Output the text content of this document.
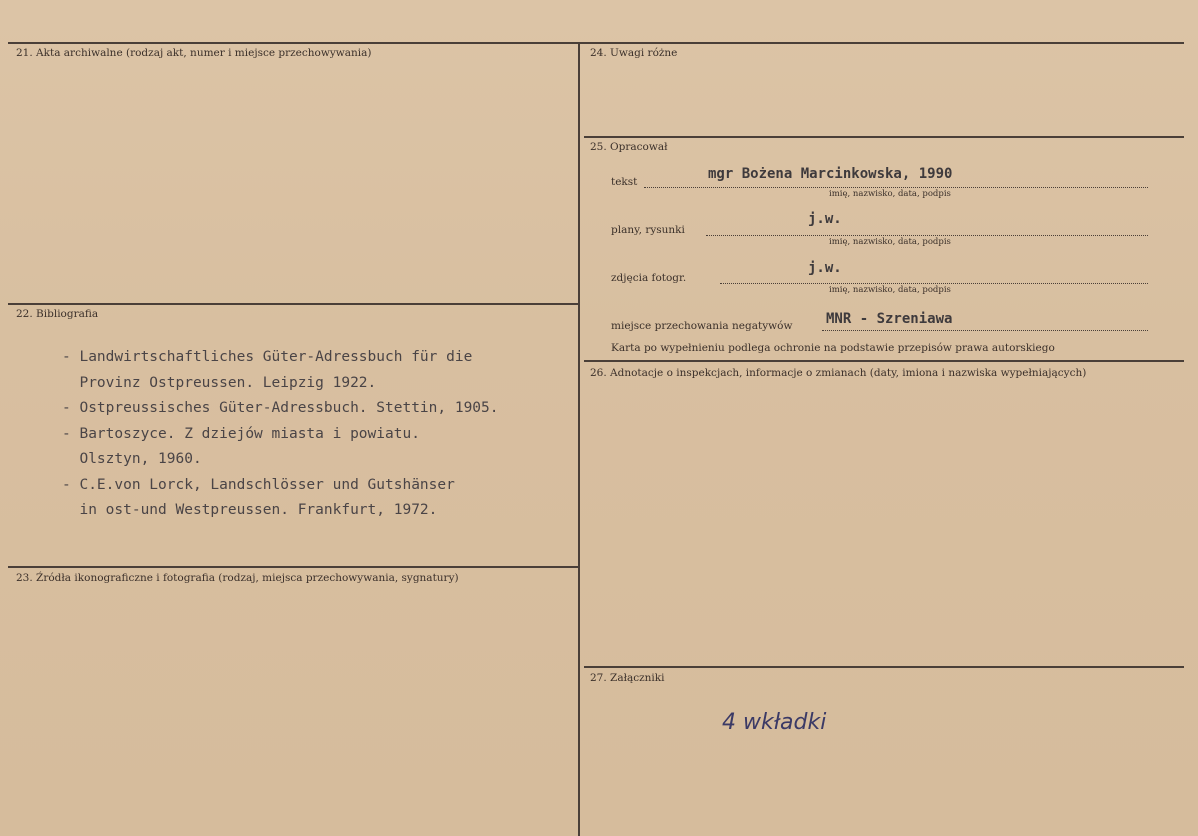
21. Akta archiwalne (rodzaj akt, numer i miejsce przechowywania)
22. Bibliografia
- Landwirtschaftliches Güter-Adressbuch für die
Provinz Ostpreussen. Leipzig 1922.
- Ostpreussisches Güter-Adressbuch. Stettin, 1905.
- Bartoszyce. Z dziejów miasta i powiatu.
Olsztyn, 1960.
- C.E.von Lorck, Landschlösser und Gutshänser
in ost-und Westpreussen. Frankfurt, 1972.
23. Źródła ikonograficzne i fotografia (rodzaj, miejsca przechowywania, sygnatury)
24. Uwagi różne
25. Opracował
tekst	mgr Bożena Marcinkowska, 1990
imię, nazwisko, data, podpis
plany, rysunki
j.w.
imię, nazwisko, data, podpis
zdjęcia fotogr.
j.w.
imię, nazwisko, data, podpis
miejsce przechowania negatywów MNR - Szreniawa
Karta po wypełnieniu podlega ochronie na podstawie przepisów prawa autorskiego
26. Adnotacje o inspekcjach, informacje o zmianach (daty, imiona i nazwiska wypełniających)
27. Załączniki
4 wkładki
